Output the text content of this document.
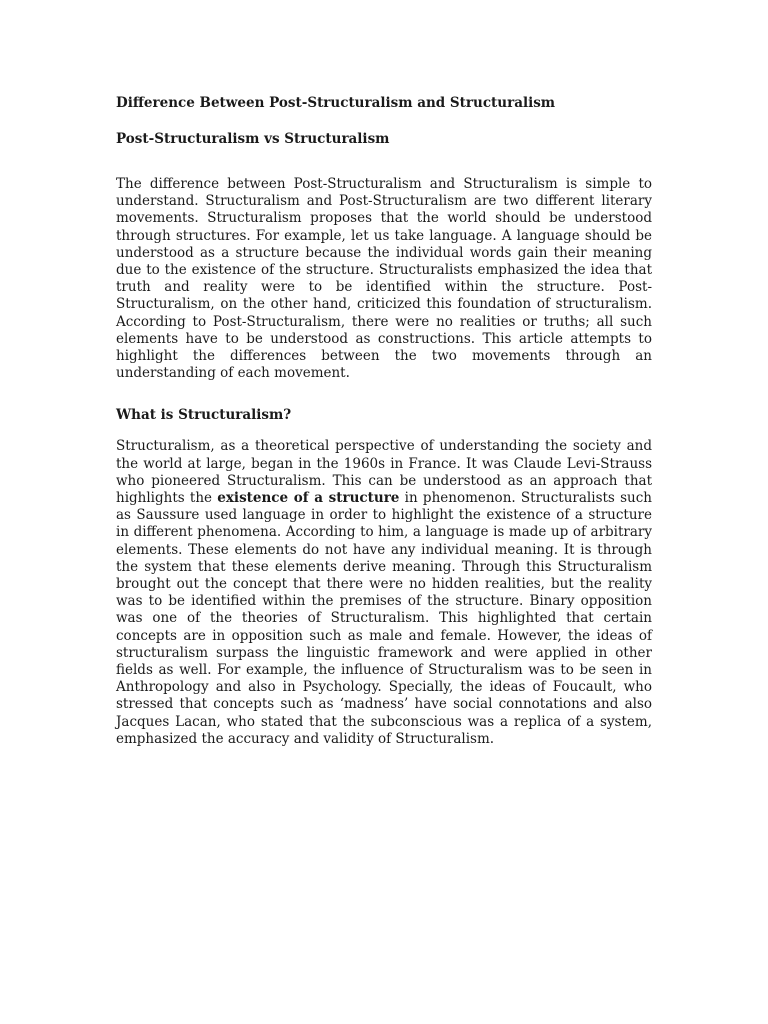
Difference Between Post-Structuralism and Structuralism

Post-Structuralism vs Structuralism

The difference between Post-Structuralism and Structuralism is simple to understand. Structuralism and Post-Structuralism are two different literary movements. Structuralism proposes that the world should be understood through structures. For example, let us take language. A language should be understood as a structure because the individual words gain their meaning due to the existence of the structure. Structuralists emphasized the idea that truth and reality were to be identified within the structure. Post-Structuralism, on the other hand, criticized this foundation of structuralism. According to Post-Structuralism, there were no realities or truths; all such elements have to be understood as constructions. This article attempts to highlight the differences between the two movements through an understanding of each movement.

What is Structuralism?

Structuralism, as a theoretical perspective of understanding the society and the world at large, began in the 1960s in France. It was Claude Levi-Strauss who pioneered Structuralism. This can be understood as an approach that highlights the existence of a structure in phenomenon. Structuralists such as Saussure used language in order to highlight the existence of a structure in different phenomena. According to him, a language is made up of arbitrary elements. These elements do not have any individual meaning. It is through the system that these elements derive meaning. Through this Structuralism brought out the concept that there were no hidden realities, but the reality was to be identified within the premises of the structure. Binary opposition was one of the theories of Structuralism. This highlighted that certain concepts are in opposition such as male and female. However, the ideas of structuralism surpass the linguistic framework and were applied in other fields as well. For example, the influence of Structuralism was to be seen in Anthropology and also in Psychology. Specially, the ideas of Foucault, who stressed that concepts such as ‘madness’ have social connotations and also Jacques Lacan, who stated that the subconscious was a replica of a system, emphasized the accuracy and validity of Structuralism.
